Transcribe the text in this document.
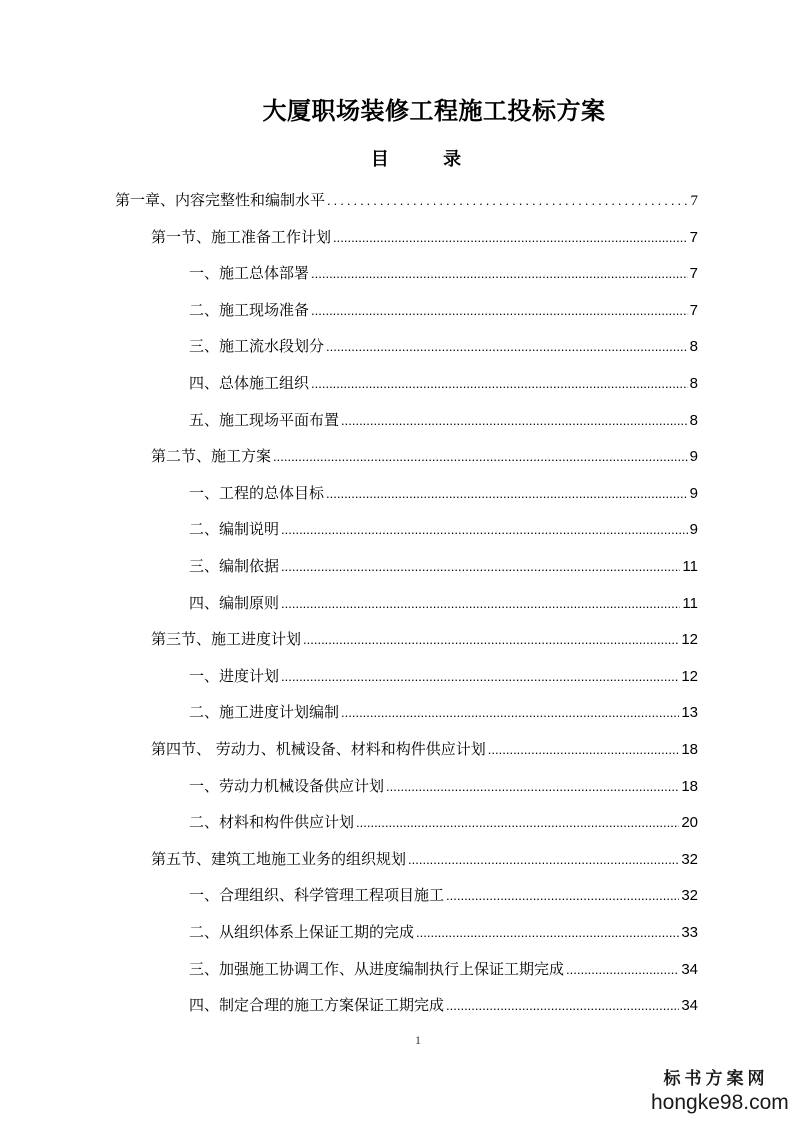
大厦职场装修工程施工投标方案
目 录
第一章、内容完整性和编制水平 .....	7
第一节、施工准备工作计划 .....	7
一、施工总体部署 .....	7
二、施工现场准备 .....	7
三、施工流水段划分 .....	8
四、总体施工组织 .....	8
五、施工现场平面布置 .....	8
第二节、施工方案 .....	9
一、工程的总体目标 .....	9
二、编制说明 .....	9
三、编制依据 .....	11
四、编制原则 .....	11
第三节、施工进度计划 .....	12
一、进度计划 .....	12
二、施工进度计划编制 .....	13
第四节、 劳动力、机械设备、材料和构件供应计划 .....	18
一、劳动力机械设备供应计划 .....	18
二、材料和构件供应计划 .....	20
第五节、建筑工地施工业务的组织规划 .....	32
一、合理组织、科学管理工程项目施工 .....	32
二、从组织体系上保证工期的完成 .....	33
三、加强施工协调工作、从进度编制执行上保证工期完成 .....	34
四、制定合理的施工方案保证工期完成 .....	34
1
标书方案网
hongke98.com
